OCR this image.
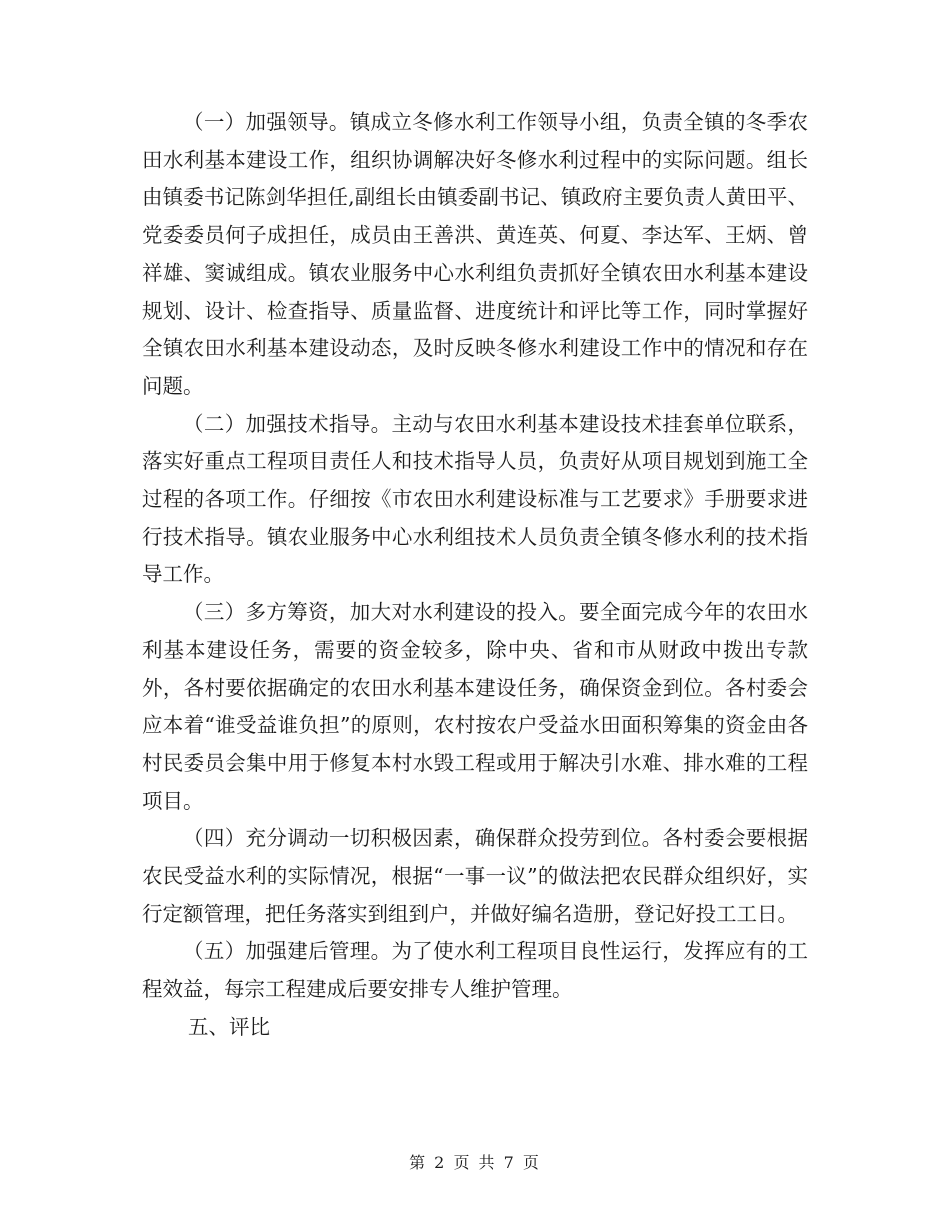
（一）加强领导。镇成立冬修水利工作领导小组，负责全镇的冬季农田水利基本建设工作，组织协调解决好冬修水利过程中的实际问题。组长由镇委书记陈剑华担任,副组长由镇委副书记、镇政府主要负责人黄田平、党委委员何子成担任，成员由王善洪、黄连英、何夏、李达军、王炳、曾祥雄、窦诚组成。镇农业服务中心水利组负责抓好全镇农田水利基本建设规划、设计、检查指导、质量监督、进度统计和评比等工作，同时掌握好全镇农田水利基本建设动态，及时反映冬修水利建设工作中的情况和存在问题。

（二）加强技术指导。主动与农田水利基本建设技术挂套单位联系，落实好重点工程项目责任人和技术指导人员，负责好从项目规划到施工全过程的各项工作。仔细按《市农田水利建设标准与工艺要求》手册要求进行技术指导。镇农业服务中心水利组技术人员负责全镇冬修水利的技术指导工作。

（三）多方筹资，加大对水利建设的投入。要全面完成今年的农田水利基本建设任务，需要的资金较多，除中央、省和市从财政中拨出专款外，各村要依据确定的农田水利基本建设任务，确保资金到位。各村委会应本着“谁受益谁负担”的原则，农村按农户受益水田面积筹集的资金由各村民委员会集中用于修复本村水毁工程或用于解决引水难、排水难的工程项目。

（四）充分调动一切积极因素，确保群众投劳到位。各村委会要根据农民受益水利的实际情况，根据“一事一议”的做法把农民群众组织好，实行定额管理，把任务落实到组到户，并做好编名造册，登记好投工工日。

（五）加强建后管理。为了使水利工程项目良性运行，发挥应有的工程效益，每宗工程建成后要安排专人维护管理。

五、评比

第 2 页 共 7 页
